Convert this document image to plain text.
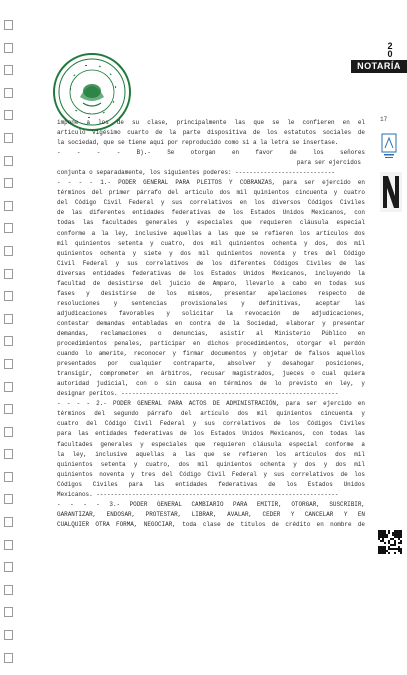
2
0
NOTARÍA
17
impone a los de su clase, principalmente las que se le confieren en el
artículo vigésimo cuarto de la parte dispositiva de los estatutos sociales de
la sociedad, que se tiene aquí por reproducido como si a la letra se insertase.
- - - - B).- Se otorgan en favor de los señores
para ser ejercidos
conjunta o separadamente, los siguientes poderes: ----------------------------
- - - - 1.- PODER GENERAL PARA PLEITOS Y COBRANZAS, para ser ejercido en
términos del primer párrafo del artículo dos mil quinientos cincuenta y cuatro
del Código Civil Federal y sus correlativos en los diversos Códigos Civiles
de las diferentes entidades federativas de los Estados Unidos Mexicanos, con
todas las facultades generales y especiales que requieren cláusula especial
conforme a la ley, inclusive aquellas a las que se refieren los artículos dos
mil quinientos setenta y cuatro, dos mil quinientos ochenta y dos, dos mil
quinientos ochenta y siete y dos mil quinientos noventa y tres del Código
Civil Federal y sus correlativos de los diferentes Códigos Civiles de las
diversas entidades federativas de los Estados Unidos Mexicanos, incluyendo la
facultad de desistirse del juicio de Amparo, llevarlo a cabo en todas sus
fases y desistirse de los mismos, presentar apelaciones respecto de
resoluciones y sentencias provisionales y definitivas, aceptar las
adjudicaciones favorables y solicitar la revocación de adjudicaciones,
contestar demandas entabladas en contra de la Sociedad, elaborar y presentar
demandas, reclamaciones o denuncias, asistir al Ministerio Público en
procedimientos penales, participar en dichos procedimientos, otorgar el perdón
cuando lo amerite, reconocer y firmar documentos y objetar de falsos aquellos
presentados por cualquier contraparte, absolver y desahogar posiciones,
transigir, comprometer en árbitros, recusar magistrados, jueces o cual quiera
autoridad judicial, con o sin causa en términos de lo previsto en ley, y
designar peritos. -------------------------------------------------------------
- - - - 2.- PODER GENERAL PARA ACTOS DE ADMINISTRACIÓN, para ser ejercido en
términos del segundo párrafo del artículo dos mil quinientos cincuenta y
cuatro del Código Civil Federal y sus correlativos de los Códigos Civiles
para las entidades federativas de los Estados Unidos Mexicanos, con todas las
facultades generales y especiales que requieren cláusula especial conforme a
la ley, inclusive aquellas a las que se refieren los artículos dos mil
quinientos setenta y cuatro, dos mil quinientos ochenta y dos y dos mil
quinientos noventa y tres del Código Civil Federal y sus correlativos de los
Códigos Civiles para las entidades federativas de los Estados Unidos
Mexicanos. --------------------------------------------------------------------
- - - - 3.- PODER GENERAL CAMBIARIO PARA EMITIR, OTORGAR, SUSCRIBIR,
GARANTIZAR, ENDOSAR, PROTESTAR, LIBRAR, AVALAR, CEDER Y CANCELAR Y EN
CUALQUIER OTRA FORMA, NEGOCIAR, toda clase de títulos de crédito en nombre de
